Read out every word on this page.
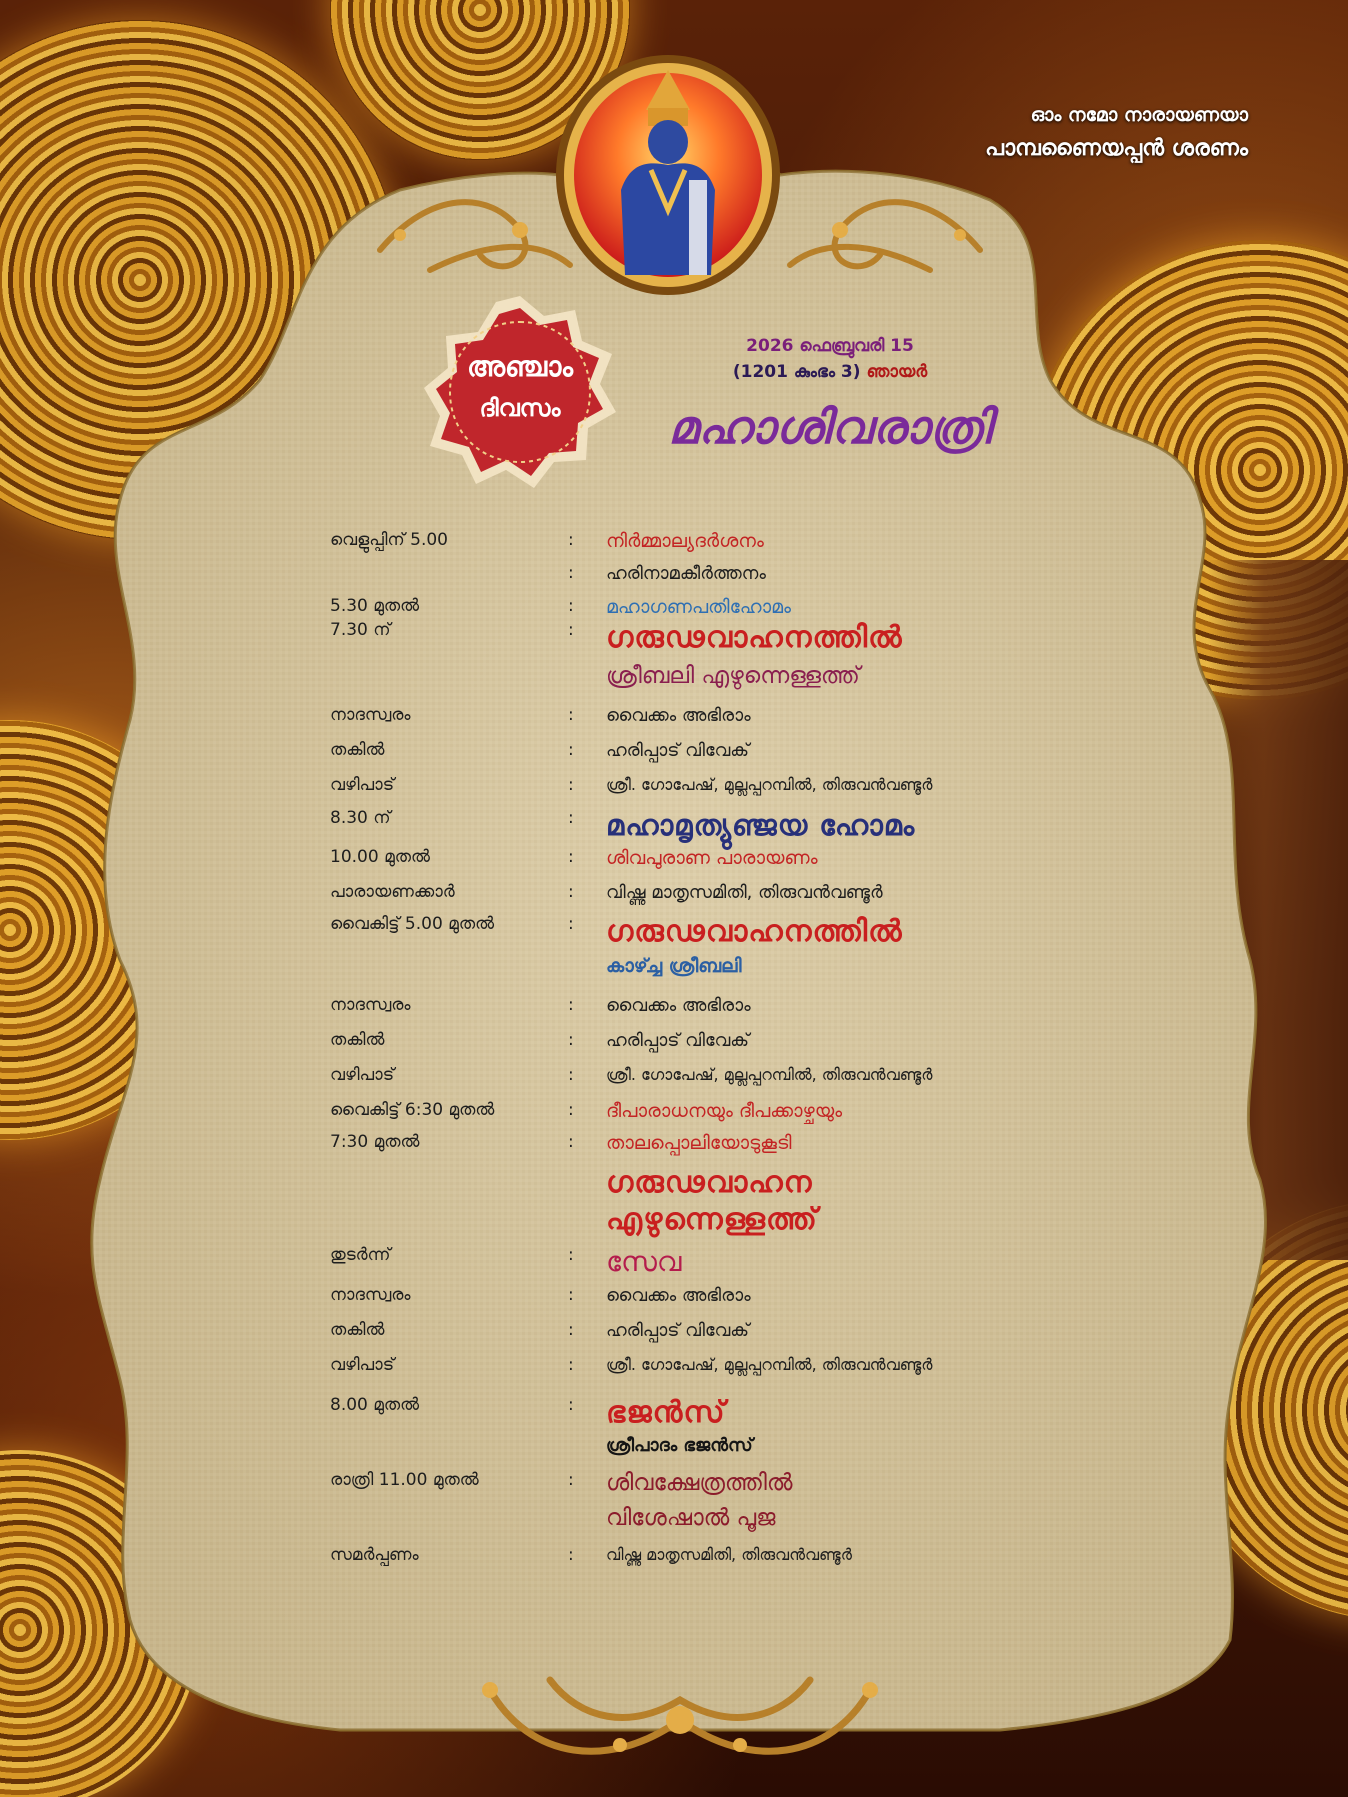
അഞ്ചാം
ദിവസം
ഓം നമോ നാരായണയാ
പാമ്പണൈയപ്പൻ ശരണം
2026 ഫെബ്രുവരി 15
(1201 കുംഭം 3) ഞായർ
മഹാശിവരാത്രി
വെളുപ്പിന് 5.00	: നിർമ്മാല്യദർശനം
: ഹരിനാമകീർത്തനം
5.30 മുതൽ	: മഹാഗണപതിഹോമം
7.30 ന്	: ഗരുഢവാഹനത്തിൽ
ശ്രീബലി എഴുന്നെള്ളത്ത്
നാദസ്വരം	: വൈക്കം അഭിരാം
തകിൽ	: ഹരിപ്പാട് വിവേക്
വഴിപാട്	: ശ്രീ. ഗോപേഷ്, മുല്ലപ്പറമ്പിൽ, തിരുവൻവണ്ടൂർ
8.30 ന്	: മഹാമൃത്യുഞ്ജയ ഹോമം
10.00 മുതൽ	: ശിവപുരാണ പാരായണം
പാരായണക്കാർ	: വിഷ്ണു മാതൃസമിതി, തിരുവൻവണ്ടൂർ
വൈകിട്ട് 5.00 മുതൽ	: ഗരുഢവാഹനത്തിൽ
കാഴ്ച്ച ശ്രീബലി
നാദസ്വരം	: വൈക്കം അഭിരാം
തകിൽ	: ഹരിപ്പാട് വിവേക്
വഴിപാട്	: ശ്രീ. ഗോപേഷ്, മുല്ലപ്പറമ്പിൽ, തിരുവൻവണ്ടൂർ
വൈകിട്ട് 6:30 മുതൽ	: ദീപാരാധനയും ദീപക്കാഴ്ചയും
7:30 മുതൽ	: താലപ്പൊലിയോടുകൂടി
ഗരുഢവാഹന
എഴുന്നെള്ളത്ത്
തുടർന്ന്	: സേവ
നാദസ്വരം	: വൈക്കം അഭിരാം
തകിൽ	: ഹരിപ്പാട് വിവേക്
വഴിപാട്	: ശ്രീ. ഗോപേഷ്, മുല്ലപ്പറമ്പിൽ, തിരുവൻവണ്ടൂർ
8.00 മുതൽ	: ഭജൻസ്
ശ്രീപാദം ഭജൻസ്
രാത്രി 11.00 മുതൽ	: ശിവക്ഷേത്രത്തിൽ
വിശേഷാൽ പൂജ
സമർപ്പണം	: വിഷ്ണു മാതൃസമിതി, തിരുവൻവണ്ടൂർ
